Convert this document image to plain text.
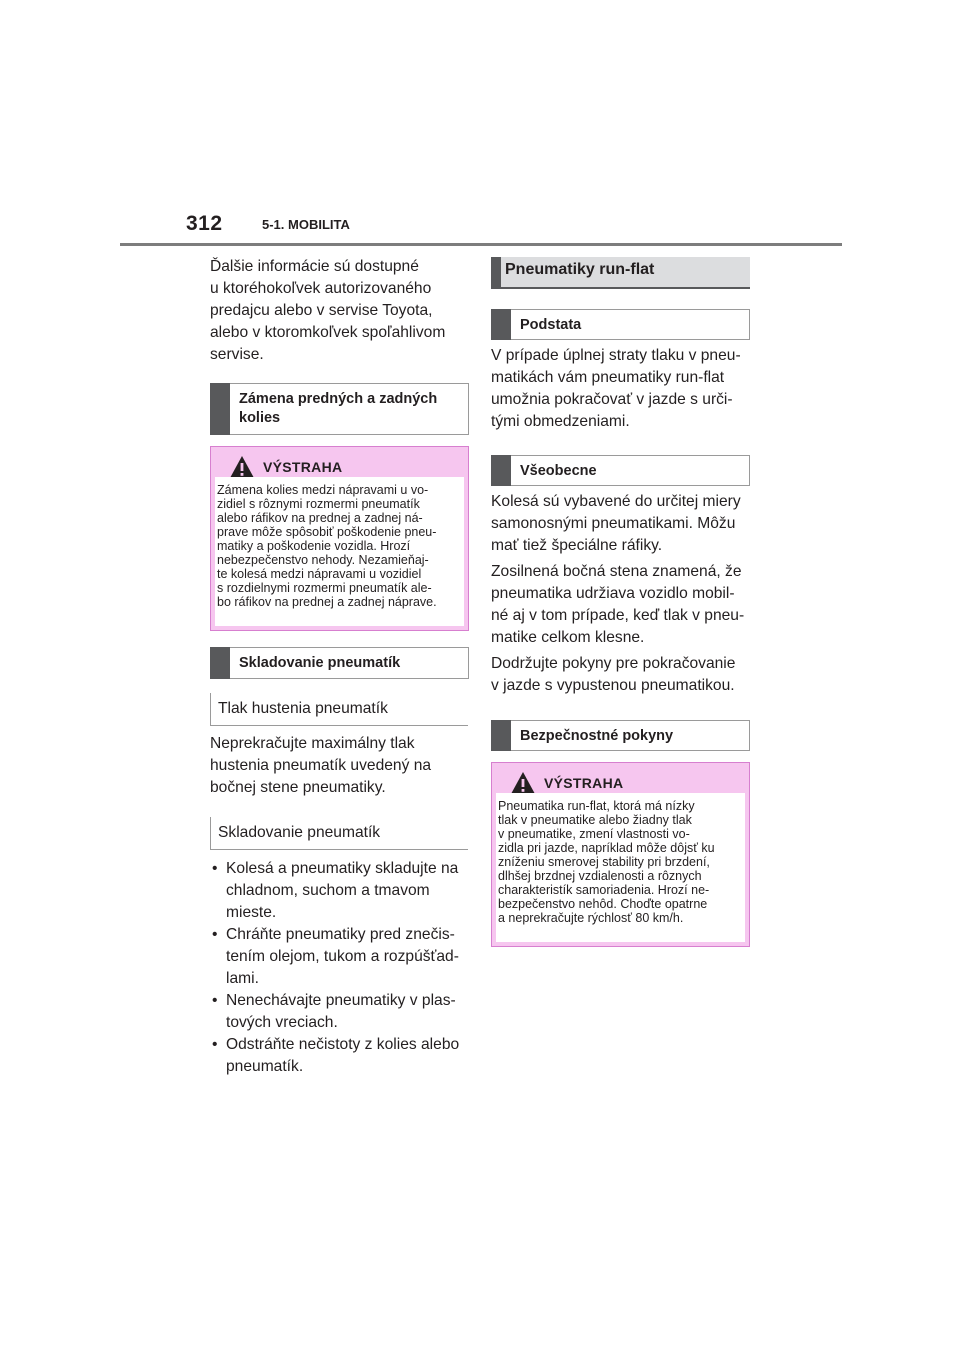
312	5-1. MOBILITA
Ďalšie informácie sú dostupné
u ktoréhokoľvek autorizovaného
predajcu alebo v servise Toyota,
alebo v ktoromkoľvek spoľahlivom
servise.
Zámena predných a zadných
kolies
VÝSTRAHA
Zámena kolies medzi nápravami u vo-
zidiel s rôznymi rozmermi pneumatík
alebo ráfikov na prednej a zadnej ná-
prave môže spôsobiť poškodenie pneu-
matiky a poškodenie vozidla. Hrozí
nebezpečenstvo nehody. Nezamieňaj-
te kolesá medzi nápravami u vozidiel
s rozdielnymi rozmermi pneumatík ale-
bo ráfikov na prednej a zadnej náprave.
Skladovanie pneumatík
Tlak hustenia pneumatík
Neprekračujte maximálny tlak
hustenia pneumatík uvedený na
bočnej stene pneumatiky.
Skladovanie pneumatík
• Kolesá a pneumatiky skladujte na
chladnom, suchom a tmavom
mieste.
• Chráňte pneumatiky pred znečis-
tením olejom, tukom a rozpúšťad-
lami.
• Nenechávajte pneumatiky v plas-
tových vreciach.
• Odstráňte nečistoty z kolies alebo
pneumatík.
Pneumatiky run-flat
Podstata
V prípade úplnej straty tlaku v pneu-
matikách vám pneumatiky run-flat
umožnia pokračovať v jazde s urči-
tými obmedzeniami.
Všeobecne
Kolesá sú vybavené do určitej miery
samonosnými pneumatikami. Môžu
mať tiež špeciálne ráfiky.
Zosilnená bočná stena znamená, že
pneumatika udržiava vozidlo mobil-
né aj v tom prípade, keď tlak v pneu-
matike celkom klesne.
Dodržujte pokyny pre pokračovanie
v jazde s vypustenou pneumatikou.
Bezpečnostné pokyny
VÝSTRAHA
Pneumatika run-flat, ktorá má nízky
tlak v pneumatike alebo žiadny tlak
v pneumatike, zmení vlastnosti vo-
zidla pri jazde, napríklad môže dôjsť ku
zníženiu smerovej stability pri brzdení,
dlhšej brzdnej vzdialenosti a rôznych
charakteristík samoriadenia. Hrozí ne-
bezpečenstvo nehôd. Choďte opatrne
a neprekračujte rýchlosť 80 km/h.
